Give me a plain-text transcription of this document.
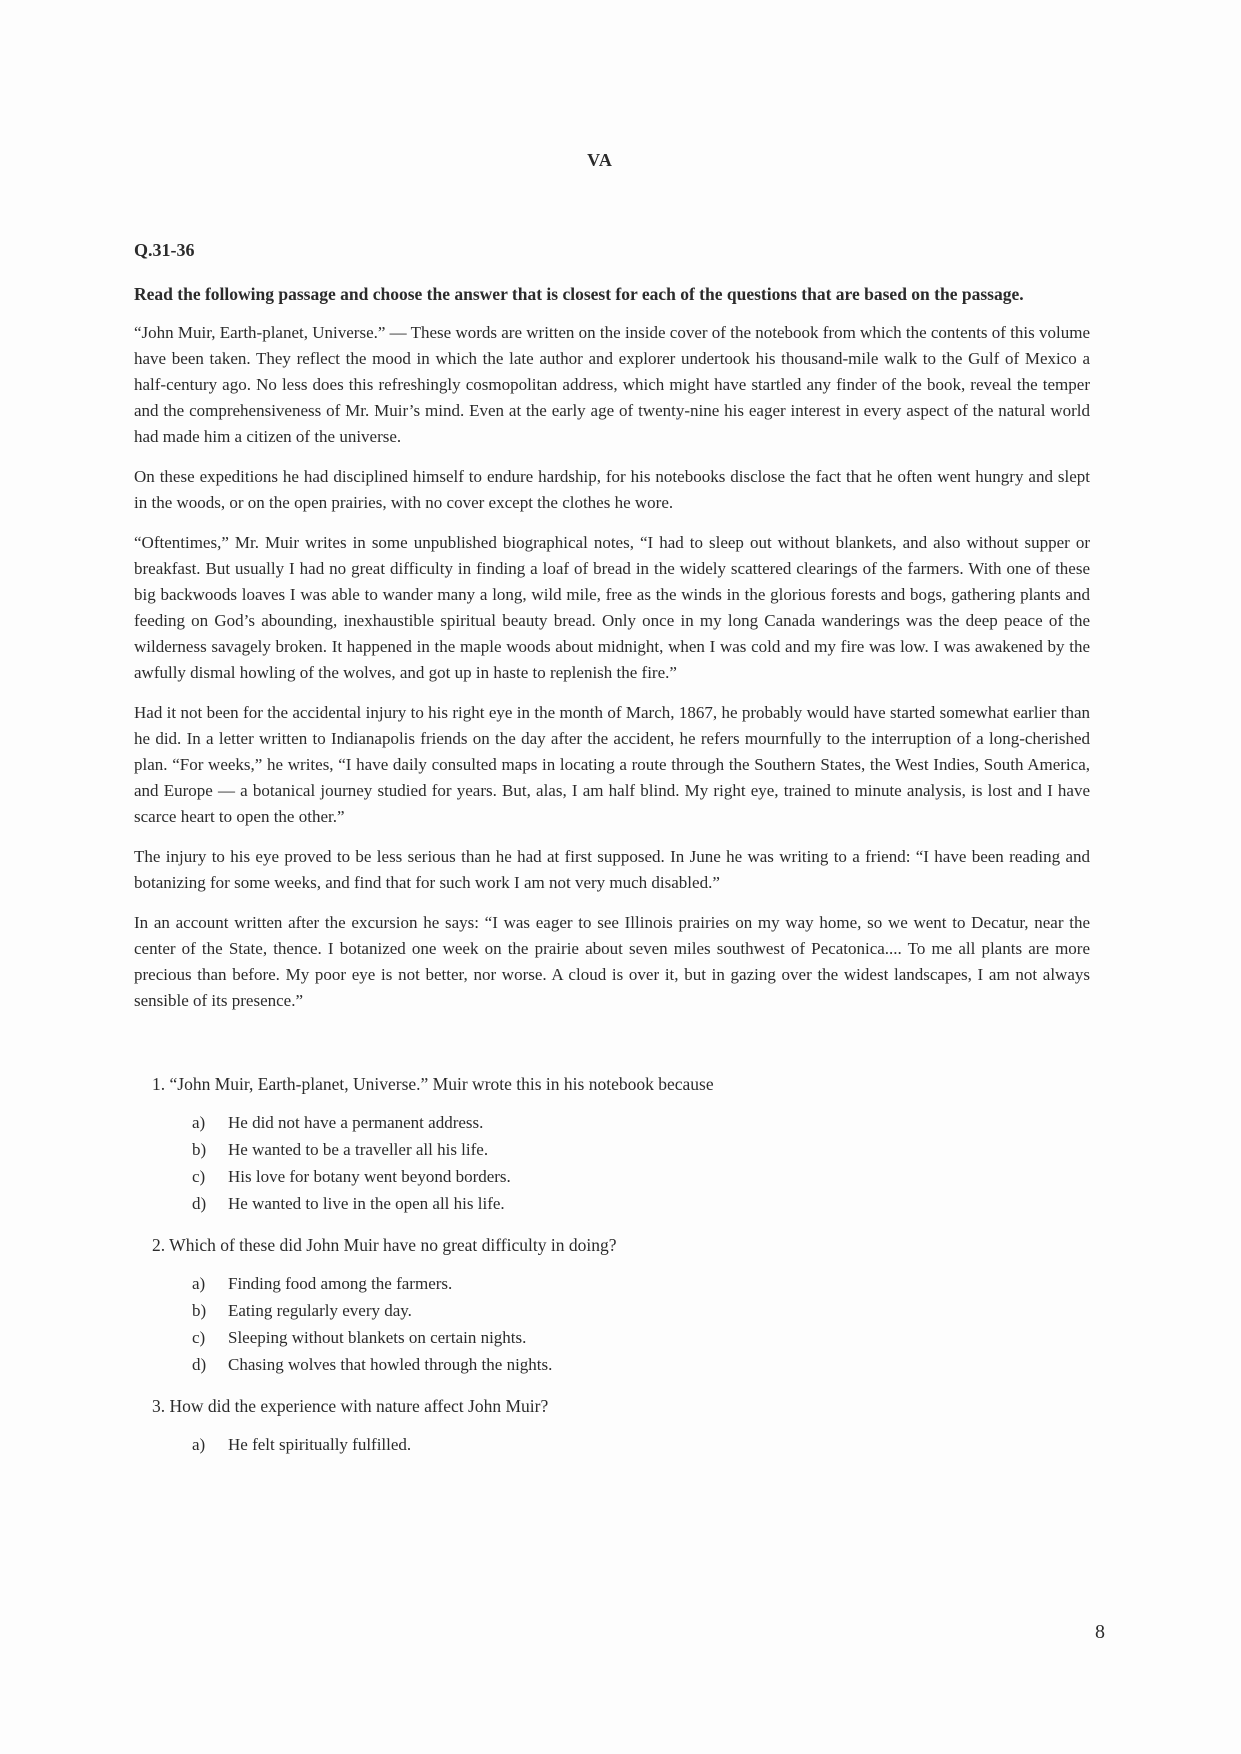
VA
Q.31-36
Read the following passage and choose the answer that is closest for each of the questions that are based on the passage.

“John Muir, Earth-planet, Universe.” — These words are written on the inside cover of the notebook from which the contents of this volume have been taken. They reflect the mood in which the late author and explorer undertook his thousand-mile walk to the Gulf of Mexico a half-century ago. No less does this refreshingly cosmopolitan address, which might have startled any finder of the book, reveal the temper and the comprehensiveness of Mr. Muir’s mind. Even at the early age of twenty-nine his eager interest in every aspect of the natural world had made him a citizen of the universe.

On these expeditions he had disciplined himself to endure hardship, for his notebooks disclose the fact that he often went hungry and slept in the woods, or on the open prairies, with no cover except the clothes he wore.

“Oftentimes,” Mr. Muir writes in some unpublished biographical notes, “I had to sleep out without blankets, and also without supper or breakfast. But usually I had no great difficulty in finding a loaf of bread in the widely scattered clearings of the farmers. With one of these big backwoods loaves I was able to wander many a long, wild mile, free as the winds in the glorious forests and bogs, gathering plants and feeding on God’s abounding, inexhaustible spiritual beauty bread. Only once in my long Canada wanderings was the deep peace of the wilderness savagely broken. It happened in the maple woods about midnight, when I was cold and my fire was low. I was awakened by the awfully dismal howling of the wolves, and got up in haste to replenish the fire.”

Had it not been for the accidental injury to his right eye in the month of March, 1867, he probably would have started somewhat earlier than he did. In a letter written to Indianapolis friends on the day after the accident, he refers mournfully to the interruption of a long-cherished plan. “For weeks,” he writes, “I have daily consulted maps in locating a route through the Southern States, the West Indies, South America, and Europe — a botanical journey studied for years. But, alas, I am half blind. My right eye, trained to minute analysis, is lost and I have scarce heart to open the other.”

The injury to his eye proved to be less serious than he had at first supposed. In June he was writing to a friend: “I have been reading and botanizing for some weeks, and find that for such work I am not very much disabled.”

In an account written after the excursion he says: “I was eager to see Illinois prairies on my way home, so we went to Decatur, near the center of the State, thence. I botanized one week on the prairie about seven miles southwest of Pecatonica.... To me all plants are more precious than before. My poor eye is not better, nor worse. A cloud is over it, but in gazing over the widest landscapes, I am not always sensible of its presence.”

1. “John Muir, Earth-planet, Universe.” Muir wrote this in his notebook because
a)	He did not have a permanent address.
b)	He wanted to be a traveller all his life.
c)	His love for botany went beyond borders.
d)	He wanted to live in the open all his life.
2. Which of these did John Muir have no great difficulty in doing?
a)	Finding food among the farmers.
b)	Eating regularly every day.
c)	Sleeping without blankets on certain nights.
d)	Chasing wolves that howled through the nights.
3. How did the experience with nature affect John Muir?
a)	He felt spiritually fulfilled.
8
